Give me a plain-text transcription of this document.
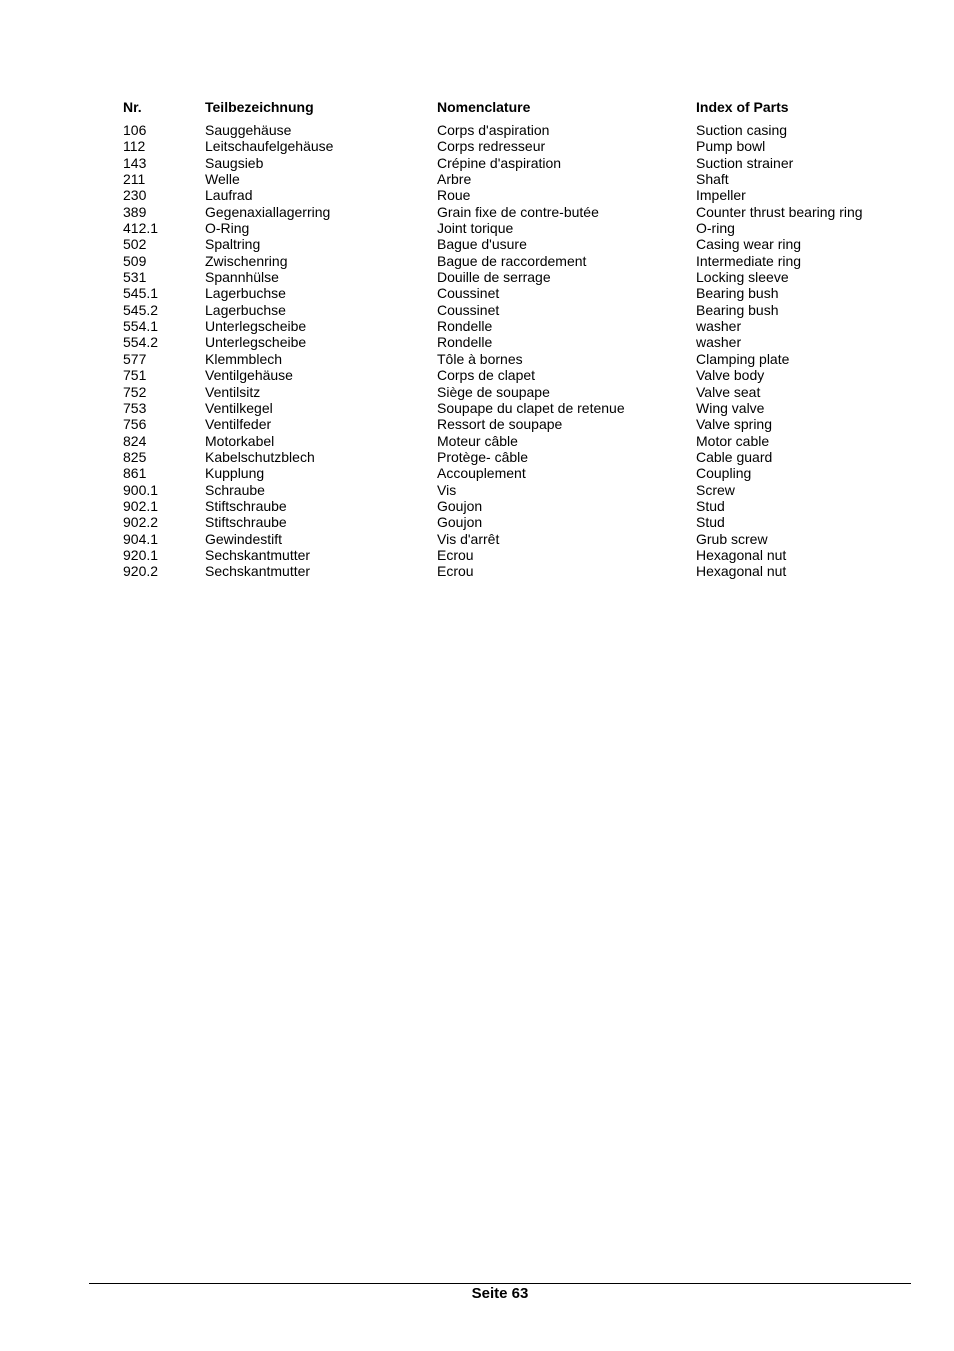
Nr.	Teilbezeichnung	Nomenclature	Index of Parts

106	Sauggehäuse	Corps d'aspiration	Suction casing
112	Leitschaufelgehäuse	Corps redresseur	Pump bowl
143	Saugsieb	Crépine d'aspiration	Suction strainer
211	Welle	Arbre	Shaft
230	Laufrad	Roue	Impeller
389	Gegenaxiallagerring	Grain fixe de contre-butée	Counter thrust bearing ring
412.1	O-Ring	Joint torique	O-ring
502	Spaltring	Bague d'usure	Casing wear ring
509	Zwischenring	Bague de raccordement	Intermediate ring
531	Spannhülse	Douille de serrage	Locking sleeve
545.1	Lagerbuchse	Coussinet	Bearing bush
545.2	Lagerbuchse	Coussinet	Bearing bush
554.1	Unterlegscheibe	Rondelle	washer
554.2	Unterlegscheibe	Rondelle	washer
577	Klemmblech	Tôle à bornes	Clamping plate
751	Ventilgehäuse	Corps de clapet	Valve body
752	Ventilsitz	Siège de soupape	Valve seat
753	Ventilkegel	Soupape du clapet de retenue	Wing valve
756	Ventilfeder	Ressort de soupape	Valve spring
824	Motorkabel	Moteur câble	Motor cable
825	Kabelschutzblech	Protège- câble	Cable guard
861	Kupplung	Accouplement	Coupling
900.1	Schraube	Vis	Screw
902.1	Stiftschraube	Goujon	Stud
902.2	Stiftschraube	Goujon	Stud
904.1	Gewindestift	Vis d'arrêt	Grub screw
920.1	Sechskantmutter	Ecrou	Hexagonal nut
920.2	Sechskantmutter	Ecrou	Hexagonal nut
Seite 63
